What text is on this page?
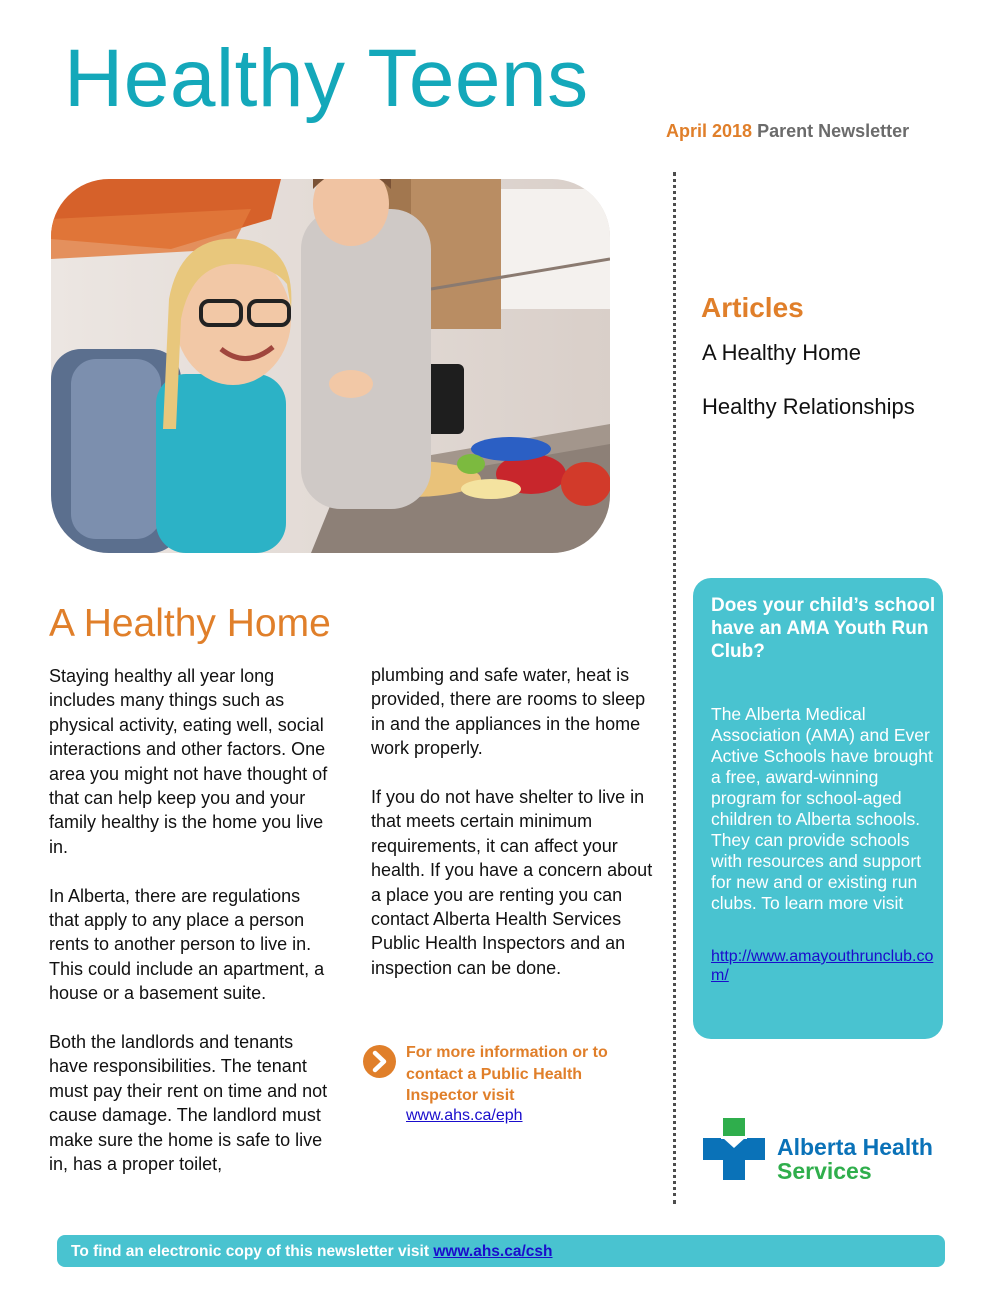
Healthy Teens
April 2018 Parent Newsletter
Articles
A Healthy Home
Healthy Relationships
Does your child’s school have an AMA Youth Run Club?
The Alberta Medical Association (AMA) and Ever Active Schools have brought a free, award-winning program for school-aged children to Alberta schools. They can provide schools with resources and support for new and or existing run clubs. To learn more visit
http://www.amayouthrunclub.com/
A Healthy Home

Staying healthy all year long includes many things such as physical activity, eating well, social interactions and other factors. One area you might not have thought of that can help keep you and your family healthy is the home you live in.

In Alberta, there are regulations that apply to any place a person rents to another person to live in. This could include an apartment, a house or a basement suite.

Both the landlords and tenants have responsibilities. The tenant must pay their rent on time and not cause damage. The landlord must make sure the home is safe to live in, has a proper toilet,

plumbing and safe water, heat is provided, there are rooms to sleep in and the appliances in the home work properly.

If you do not have shelter to live in that meets certain minimum requirements, it can affect your health. If you have a concern about a place you are renting you can contact Alberta Health Services Public Health Inspectors and an inspection can be done.

For more information or to contact a Public Health Inspector visit
www.ahs.ca/eph
Alberta Health
Services
To find an electronic copy of this newsletter visit www.ahs.ca/csh
